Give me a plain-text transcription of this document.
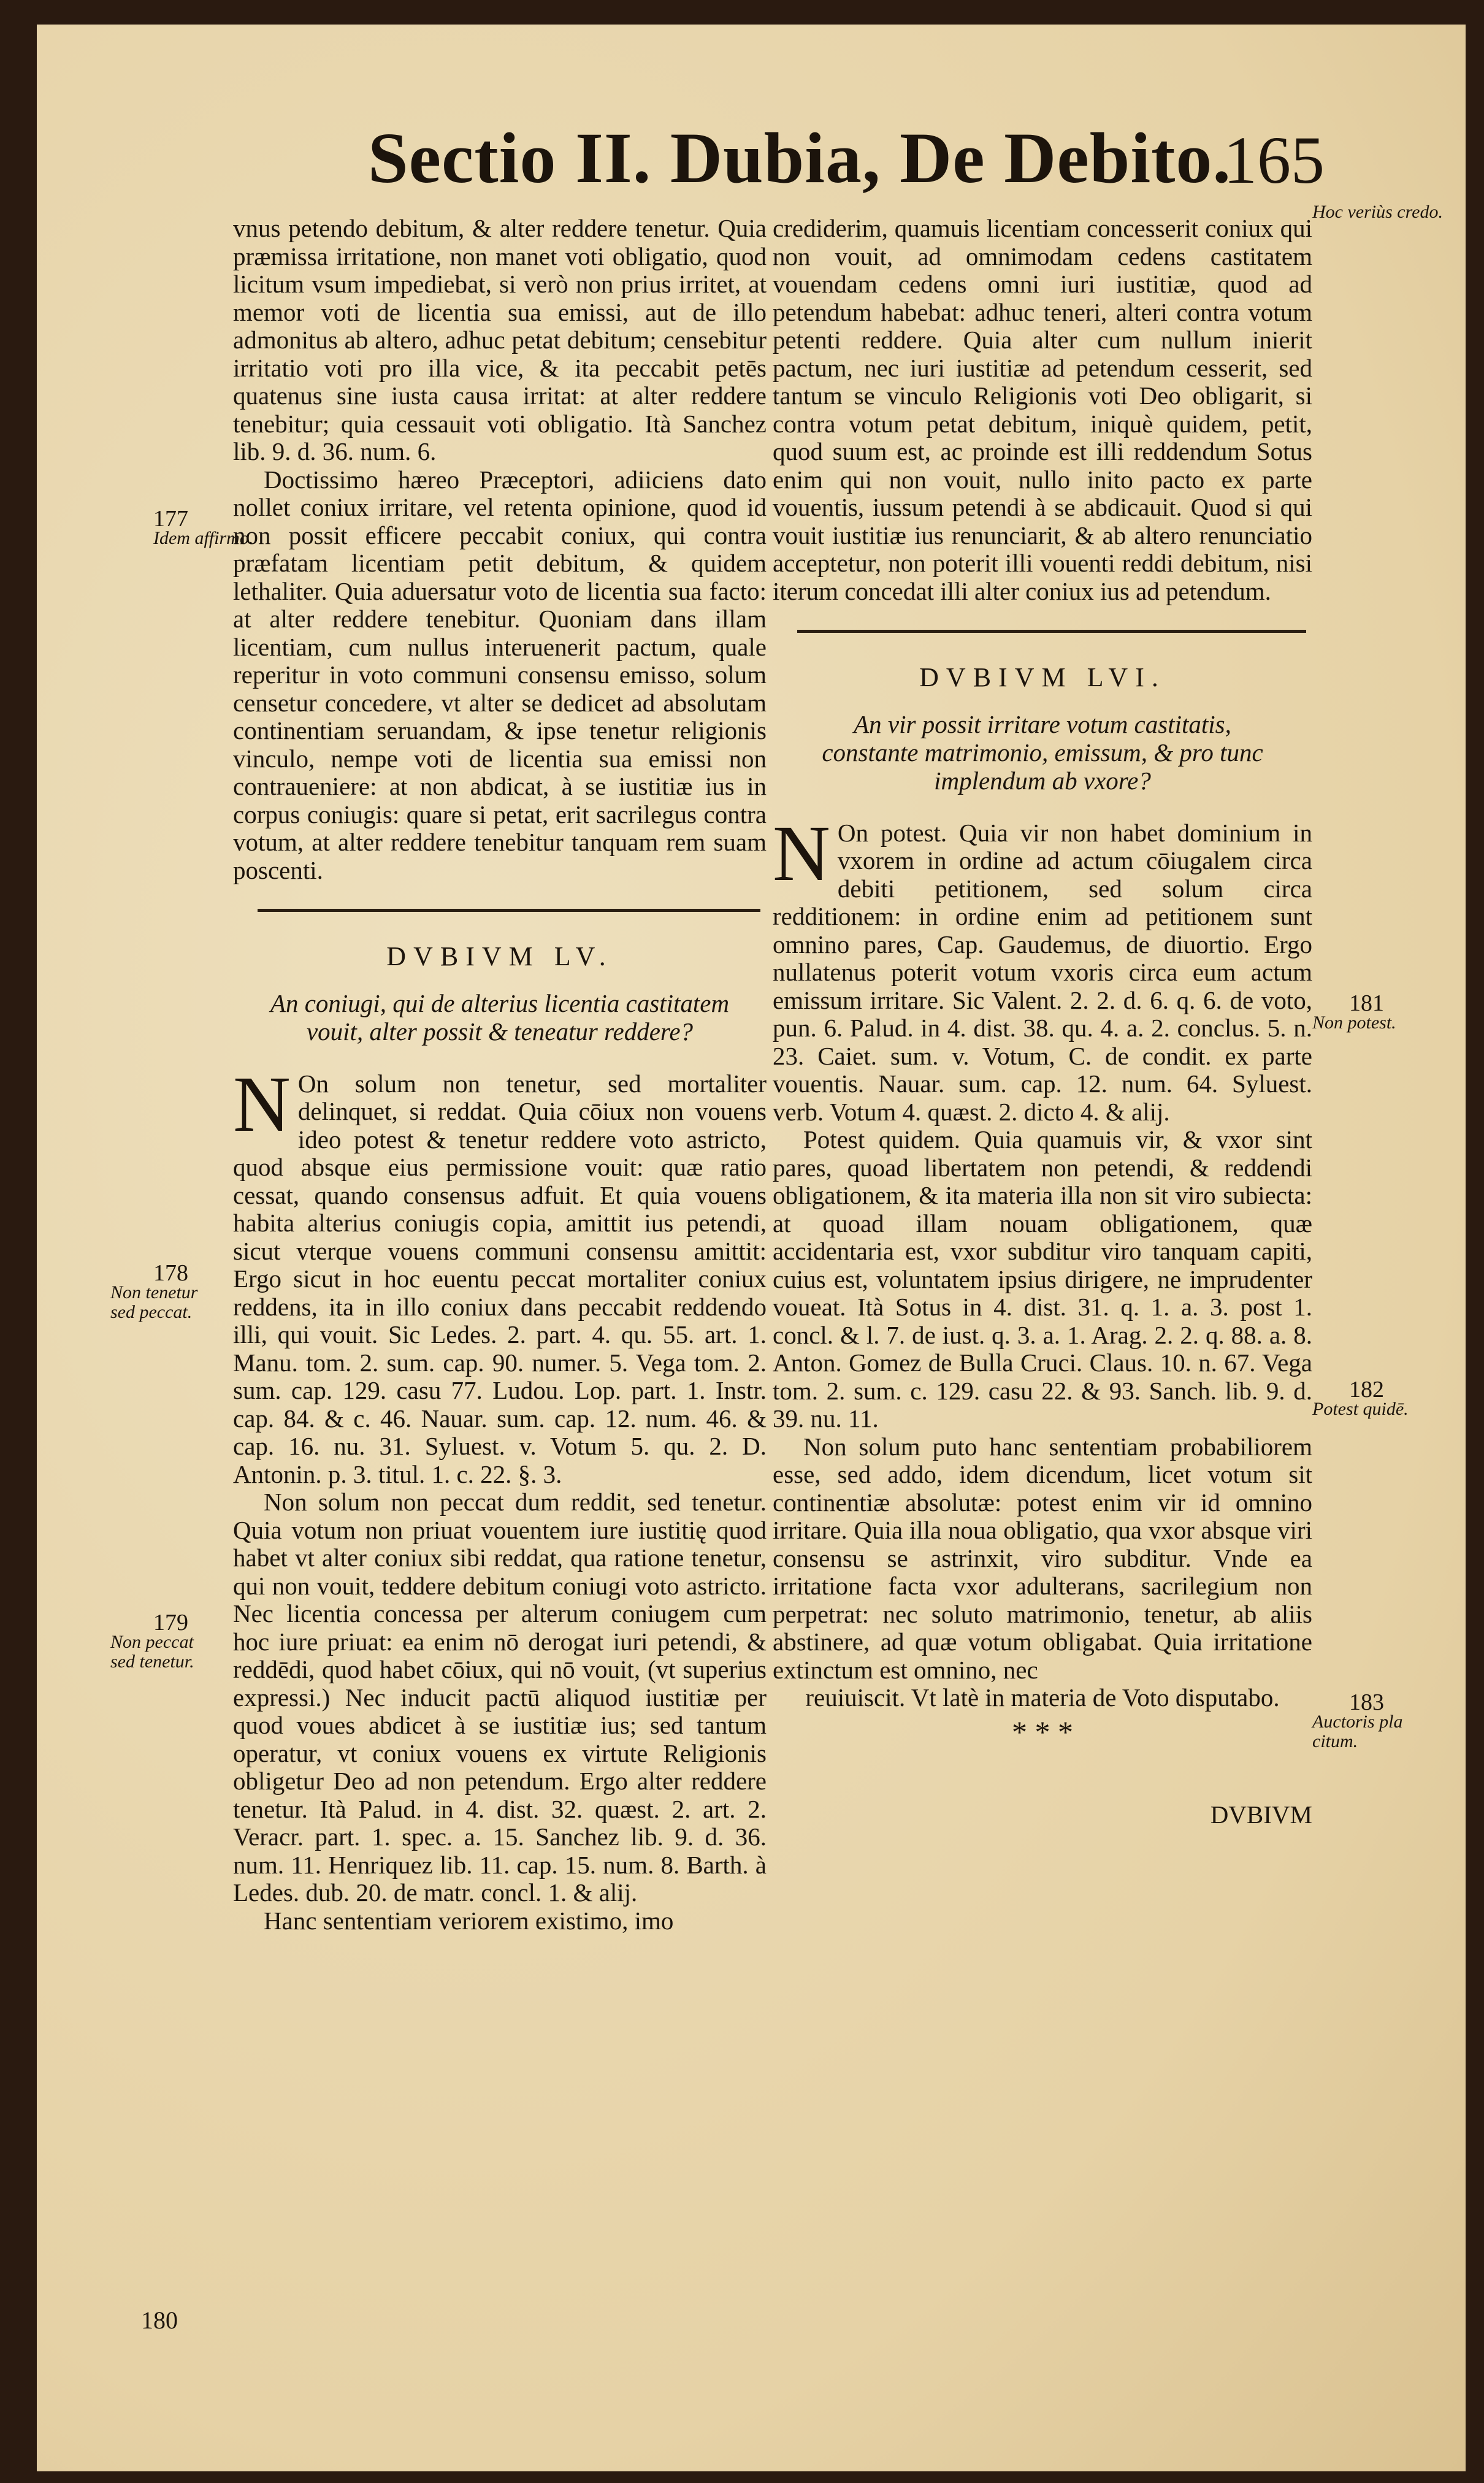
Sectio II. Dubia, De Debito.
165

vnus petendo debitum, & alter reddere tenetur. Quia præmissa irritatione, non manet voti obligatio, quod licitum vsum impediebat, si verò non prius irritet, at memor voti de licentia sua emissi, aut de illo admonitus ab altero, adhuc petat debitum; censebitur irritatio voti pro illa vice, & ita peccabit petēs quatenus sine iusta causa irritat: at alter reddere tenebitur; quia cessauit voti obligatio. Ità Sanchez lib. 9. d. 36. num. 6.

Doctissimo hæreo Præceptori, adiiciens dato nollet coniux irritare, vel retenta opinione, quod id non possit efficere peccabit coniux, qui contra præfatam licentiam petit debitum, & quidem lethaliter. Quia aduersatur voto de licentia sua facto: at alter reddere tenebitur. Quoniam dans illam licentiam, cum nullus interuenerit pactum, quale reperitur in voto communi consensu emisso, solum censetur concedere, vt alter se dedicet ad absolutam continentiam seruandam, & ipse tenetur religionis vinculo, nempe voti de licentia sua emissi non contraueniere: at non abdicat, à se iustitiæ ius in corpus coniugis: quare si petat, erit sacrilegus contra votum, at alter reddere tenebitur tanquam rem suam poscenti.

DVBIVM LV.
An coniugi, qui de alterius licentia castitatem vouit, alter possit & teneatur reddere?

N On solum non tenetur, sed mortaliter delinquet, si reddat. Quia cōiux non vouens ideo potest & tenetur reddere voto astricto, quod absque eius permissione vouit: quæ ratio cessat, quando consensus adfuit. Et quia vouens habita alterius coniugis copia, amittit ius petendi, sicut vterque vouens communi consensu amittit: Ergo sicut in hoc euentu peccat mortaliter coniux reddens, ita in illo coniux dans peccabit reddendo illi, qui vouit. Sic Ledes. 2. part. 4. qu. 55. art. 1. Manu. tom. 2. sum. cap. 90. numer. 5. Vega tom. 2. sum. cap. 129. casu 77. Ludou. Lop. part. 1. Instr. cap. 84. & c. 46. Nauar. sum. cap. 12. num. 46. & cap. 16. nu. 31. Syluest. v. Votum 5. qu. 2. D. Antonin. p. 3. titul. 1. c. 22. §. 3.

Non solum non peccat dum reddit, sed tenetur. Quia votum non priuat vouentem iure iustitię quod habet vt alter coniux sibi reddat, qua ratione tenetur, qui non vouit, teddere debitum coniugi voto astricto. Nec licentia concessa per alterum coniugem cum hoc iure priuat: ea enim nō derogat iuri petendi, & reddēdi, quod habet cōiux, qui nō vouit, (vt superius expressi.) Nec inducit pactū aliquod iustitiæ per quod voues abdicet à se iustitiæ ius; sed tantum operatur, vt coniux vouens ex virtute Religionis obligetur Deo ad non petendum. Ergo alter reddere tenetur. Ità Palud. in 4. dist. 32. quæst. 2. art. 2. Veracr. part. 1. spec. a. 15. Sanchez lib. 9. d. 36. num. 11. Henriquez lib. 11. cap. 15. num. 8. Barth. à Ledes. dub. 20. de matr. concl. 1. & alij.

Hanc sententiam veriorem existimo, imo

crediderim, quamuis licentiam concesserit coniux qui non vouit, ad omnimodam cedens castitatem vouendam cedens omni iuri iustitiæ, quod ad petendum habebat: adhuc teneri, alteri contra votum petenti reddere. Quia alter cum nullum inierit pactum, nec iuri iustitiæ ad petendum cesserit, sed tantum se vinculo Religionis voti Deo obligarit, si contra votum petat debitum, iniquè quidem, petit, quod suum est, ac proinde est illi reddendum Sotus enim qui non vouit, nullo inito pacto ex parte vouentis, iussum petendi à se abdicauit. Quod si qui vouit iustitiæ ius renunciarit, & ab altero renunciatio acceptetur, non poterit illi vouenti reddi debitum, nisi iterum concedat illi alter coniux ius ad petendum.

DVBIVM LVI.
An vir possit irritare votum castitatis, constante matrimonio, emissum, & pro tunc implendum ab vxore?

N On potest. Quia vir non habet dominium in vxorem in ordine ad actum cōiugalem circa debiti petitionem, sed solum circa redditionem: in ordine enim ad petitionem sunt omnino pares, Cap. Gaudemus, de diuortio. Ergo nullatenus poterit votum vxoris circa eum actum emissum irritare. Sic Valent. 2. 2. d. 6. q. 6. de voto, pun. 6. Palud. in 4. dist. 38. qu. 4. a. 2. conclus. 5. n. 23. Caiet. sum. v. Votum, C. de condit. ex parte vouentis. Nauar. sum. cap. 12. num. 64. Syluest. verb. Votum 4. quæst. 2. dicto 4. & alij.

Potest quidem. Quia quamuis vir, & vxor sint pares, quoad libertatem non petendi, & reddendi obligationem, & ita materia illa non sit viro subiecta: at quoad illam nouam obligationem, quæ accidentaria est, vxor subditur viro tanquam capiti, cuius est, voluntatem ipsius dirigere, ne imprudenter voueat. Ità Sotus in 4. dist. 31. q. 1. a. 3. post 1. concl. & l. 7. de iust. q. 3. a. 1. Arag. 2. 2. q. 88. a. 8. Anton. Gomez de Bulla Cruci. Claus. 10. n. 67. Vega tom. 2. sum. c. 129. casu 22. & 93. Sanch. lib. 9. d. 39. nu. 11.

Non solum puto hanc sententiam probabiliorem esse, sed addo, idem dicendum, licet votum sit continentiæ absolutæ: potest enim vir id omnino irritare. Quia illa noua obligatio, qua vxor absque viri consensu se astrinxit, viro subditur. Vnde ea irritatione facta vxor adulterans, sacrilegium non perpetrat: nec soluto matrimonio, tenetur, ab aliis abstinere, ad quæ votum obligabat. Quia irritatione extinctum est omnino, nec

reuiuiscit. Vt latè in materia de Voto disputabo.

* * *
DVBIVM
Hoc veriùs credo.
177
Idem affirmo.
178
Non tenetur
sed peccat.
179
Non peccat
sed tenetur.
180
181
Non potest.
182
Potest quidē.
183
Auctoris pla
citum.
